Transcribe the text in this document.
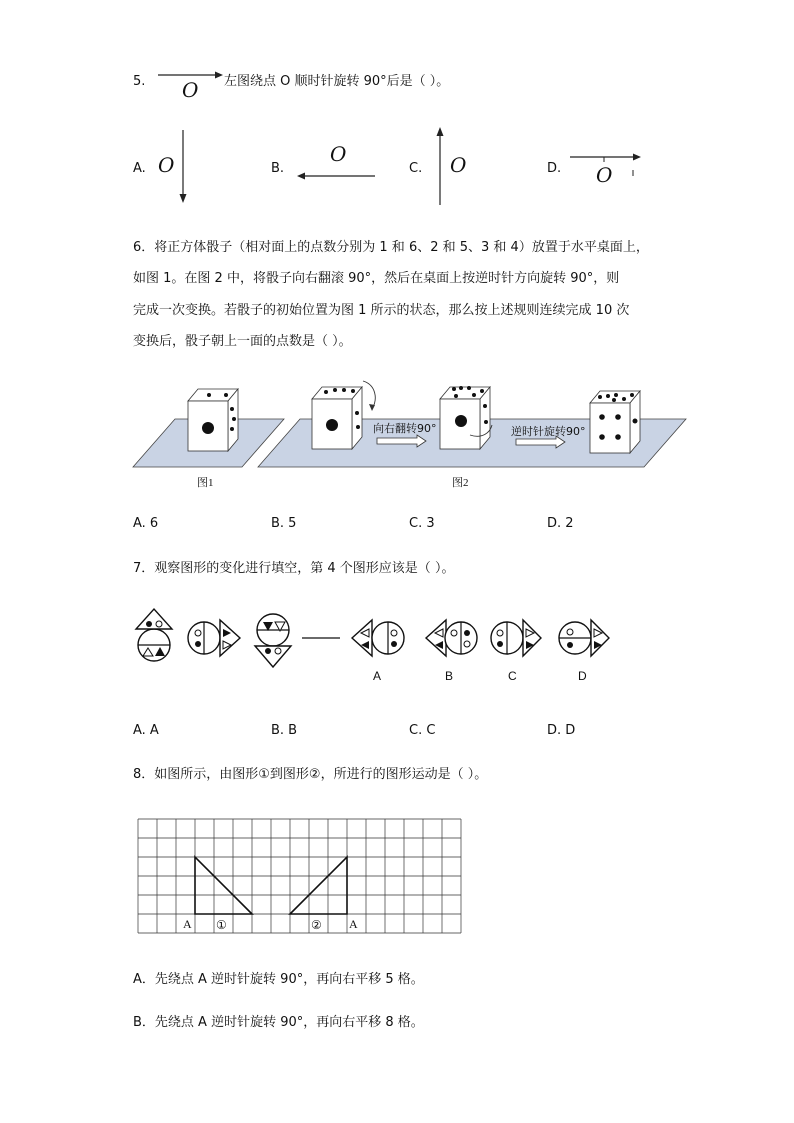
5. O 左图绕点 O 顺时针旋转 90°后是（ ）。
A. O	B.
O
C. O	D. O
6．将正方体骰子（相对面上的点数分别为 1 和 6、2 和 5、3 和 4）放置于水平桌面上，
如图 1。在图 2 中，将骰子向右翻滚 90°，然后在桌面上按逆时针方向旋转 90°，则
完成一次变换。若骰子的初始位置为图 1 所示的状态，那么按上述规则连续完成 10 次
变换后，骰子朝上一面的点数是（ ）。
向右翻转90°	逆时针旋转90°
图1	图2
A. 6	B. 5	C. 3	D. 2
7．观察图形的变化进行填空，第 4 个图形应该是（ ）。
A	B	C	D
A. A	B. B	C. C	D. D
8．如图所示，由图形①到图形②，所进行的图形运动是（ ）。
A ①	② A
A．先绕点 A 逆时针旋转 90°，再向右平移 5 格。
B．先绕点 A 逆时针旋转 90°，再向右平移 8 格。
